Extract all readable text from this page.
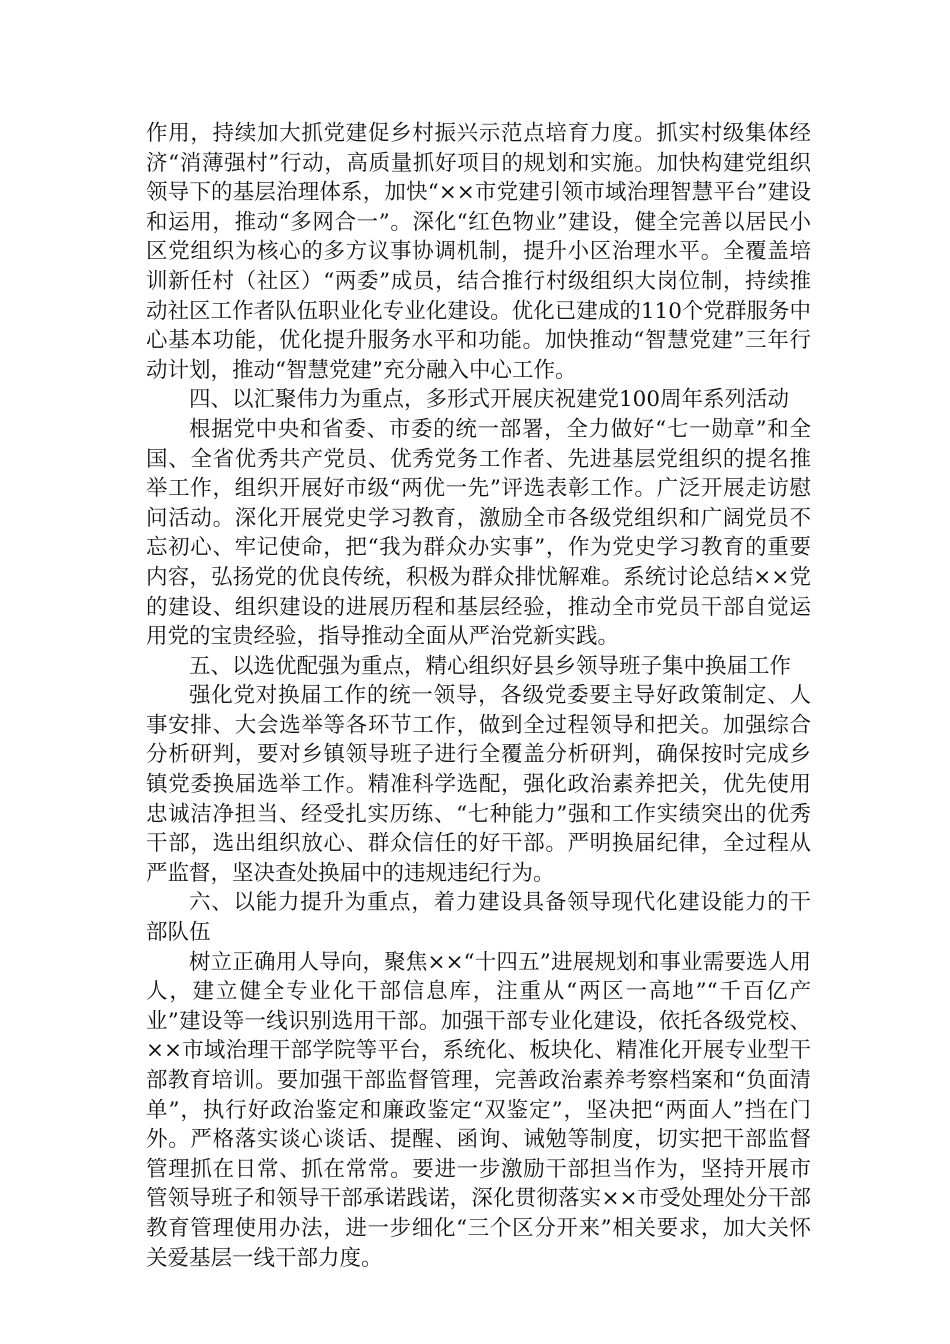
作用，持续加大抓党建促乡村振兴示范点培育力度。抓实村级集体经济“消薄强村”行动，高质量抓好项目的规划和实施。加快构建党组织领导下的基层治理体系，加快“××市党建引领市域治理智慧平台”建设和运用，推动“多网合一”。深化“红色物业”建设，健全完善以居民小区党组织为核心的多方议事协调机制，提升小区治理水平。全覆盖培训新任村（社区）“两委”成员，结合推行村级组织大岗位制，持续推动社区工作者队伍职业化专业化建设。优化已建成的110个党群服务中心基本功能，优化提升服务水平和功能。加快推动“智慧党建”三年行动计划，推动“智慧党建”充分融入中心工作。

四、以汇聚伟力为重点，多形式开展庆祝建党100周年系列活动

根据党中央和省委、市委的统一部署，全力做好“七一勋章”和全国、全省优秀共产党员、优秀党务工作者、先进基层党组织的提名推举工作，组织开展好市级“两优一先”评选表彰工作。广泛开展走访慰问活动。深化开展党史学习教育，激励全市各级党组织和广阔党员不忘初心、牢记使命，把“我为群众办实事”，作为党史学习教育的重要内容，弘扬党的优良传统，积极为群众排忧解难。系统讨论总结××党的建设、组织建设的进展历程和基层经验，推动全市党员干部自觉运用党的宝贵经验，指导推动全面从严治党新实践。

五、以选优配强为重点，精心组织好县乡领导班子集中换届工作

强化党对换届工作的统一领导，各级党委要主导好政策制定、人事安排、大会选举等各环节工作，做到全过程领导和把关。加强综合分析研判，要对乡镇领导班子进行全覆盖分析研判，确保按时完成乡镇党委换届选举工作。精准科学选配，强化政治素养把关，优先使用忠诚洁净担当、经受扎实历练、“七种能力”强和工作实绩突出的优秀干部，选出组织放心、群众信任的好干部。严明换届纪律，全过程从严监督，坚决查处换届中的违规违纪行为。

六、以能力提升为重点，着力建设具备领导现代化建设能力的干部队伍

树立正确用人导向，聚焦××“十四五”进展规划和事业需要选人用人，建立健全专业化干部信息库，注重从“两区一高地”“千百亿产业”建设等一线识别选用干部。加强干部专业化建设，依托各级党校、××市域治理干部学院等平台，系统化、板块化、精准化开展专业型干部教育培训。要加强干部监督管理，完善政治素养考察档案和“负面清单”，执行好政治鉴定和廉政鉴定“双鉴定”，坚决把“两面人”挡在门外。严格落实谈心谈话、提醒、函询、诫勉等制度，切实把干部监督管理抓在日常、抓在常常。要进一步激励干部担当作为，坚持开展市管领导班子和领导干部承诺践诺，深化贯彻落实××市受处理处分干部教育管理使用办法，进一步细化“三个区分开来”相关要求，加大关怀关爱基层一线干部力度。
